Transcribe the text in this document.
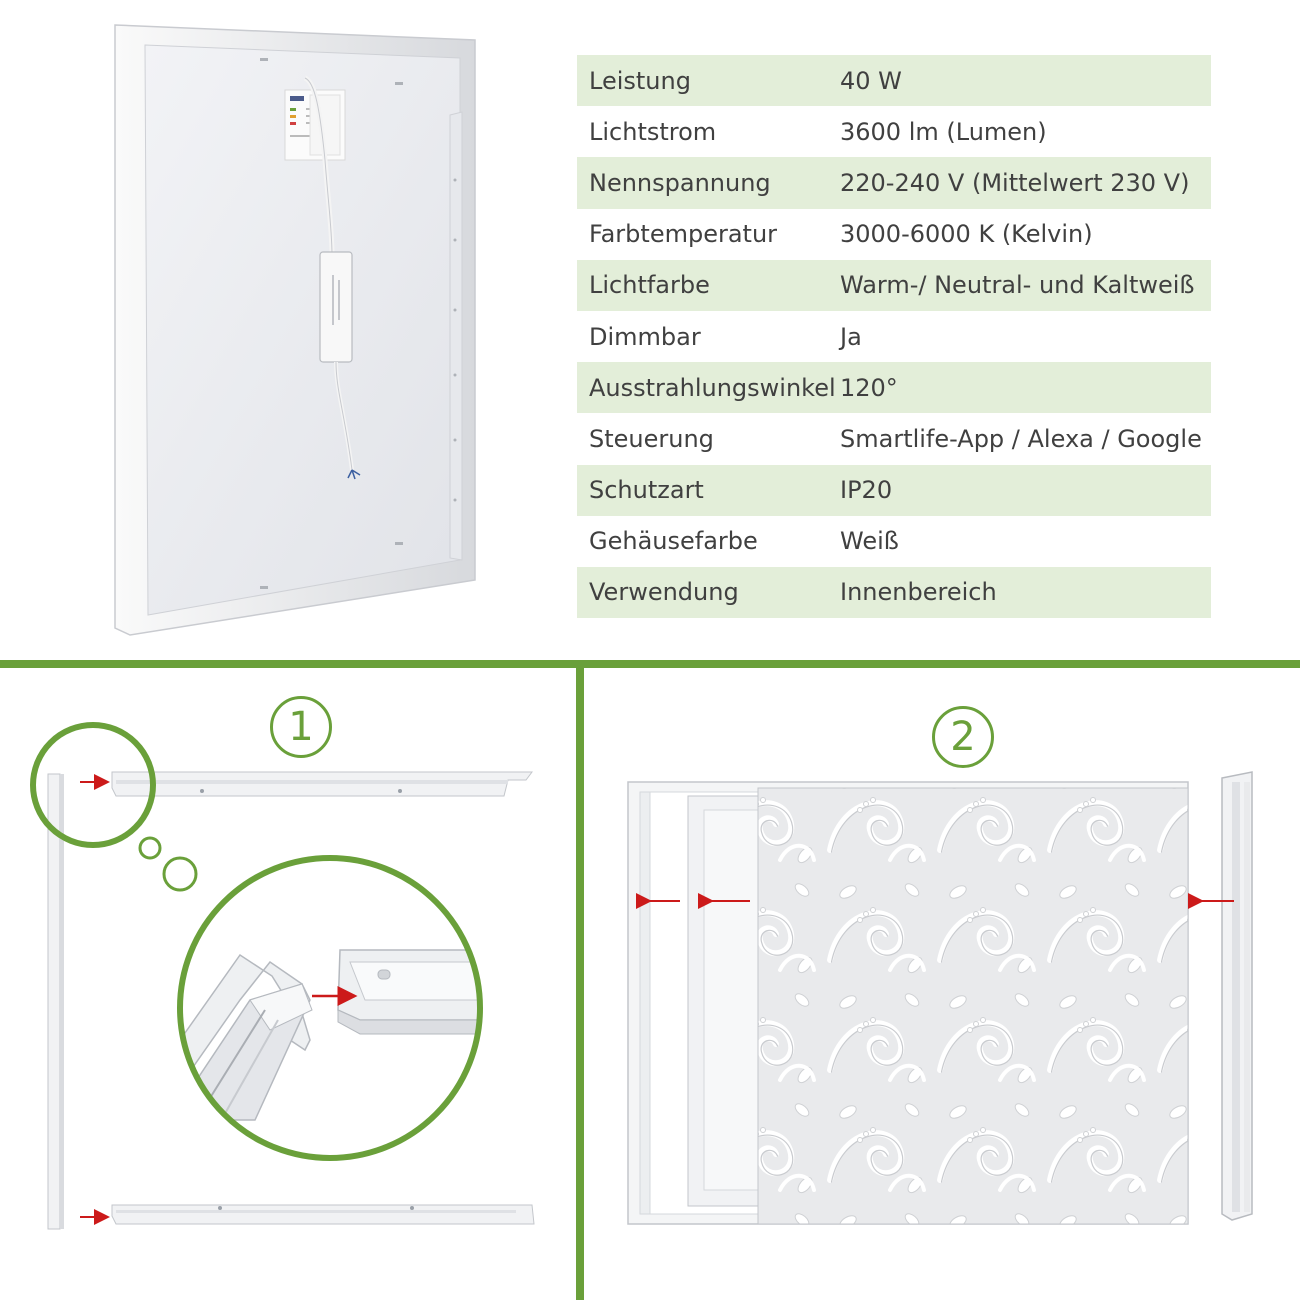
Leistung	40 W
Lichtstrom	3600 lm (Lumen)
Nennspannung	220-240 V (Mittelwert 230 V)
Farbtemperatur	3000-6000 K (Kelvin)
Lichtfarbe	Warm-/ Neutral- und Kaltweiß
Dimmbar	Ja
Ausstrahlungswinkel 120°
Steuerung	Smartlife-App / Alexa / Google
Schutzart	IP20
Gehäusefarbe	Weiß
Verwendung	Innenbereich
1	2
